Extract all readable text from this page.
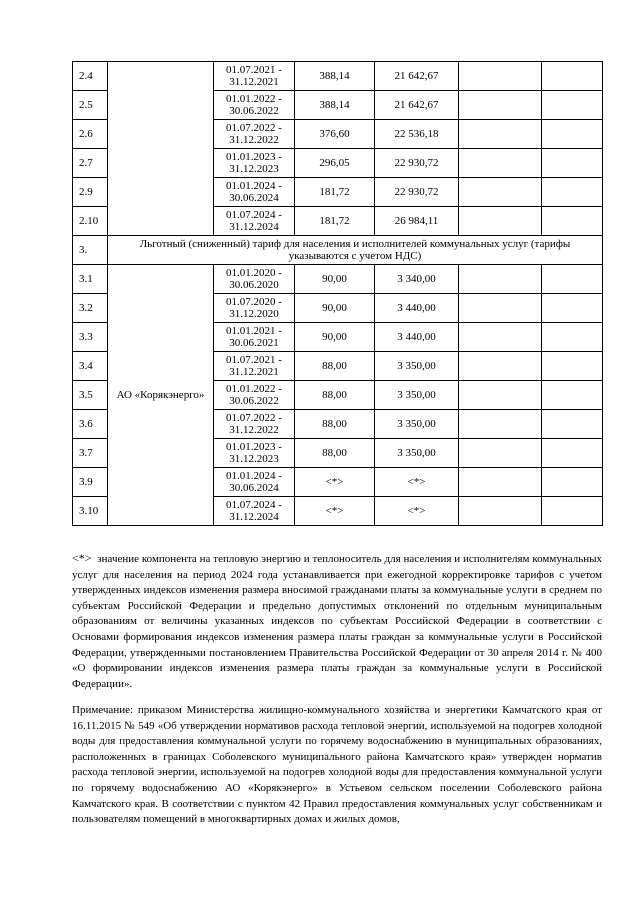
2.4		01.07.2021 - 31.12.2021	388,14	21 642,67		
2.5		01.01.2022 - 30.06.2022	388,14	21 642,67		
2.6		01.07.2022 - 31.12.2022	376,60	22 536,18		
2.7		01.01.2023 - 31.12.2023	296,05	22 930,72		
2.9		01.01.2024 - 30.06.2024	181,72	22 930,72		
2.10		01.07.2024 - 31.12.2024	181,72	26 984,11		
3.	Льготный (сниженный) тариф для населения и исполнителей коммунальных услуг (тарифы указываются с учетом НДС)					
3.1	АО «Корякэнерго»	01.01.2020 - 30.06.2020	90,00	3 340,00		
3.2		01.07.2020 - 31.12.2020	90,00	3 440,00		
3.3		01.01.2021 - 30.06.2021	90,00	3 440,00		
3.4		01.07.2021 - 31.12.2021	88,00	3 350,00		
3.5		01.01.2022 - 30.06.2022	88,00	3 350,00		
3.6		01.07.2022 - 31.12.2022	88,00	3 350,00		
3.7		01.01.2023 - 31.12.2023	88,00	3 350,00		
3.9		01.01.2024 - 30.06.2024	<*>	<*>		
3.10		01.07.2024 - 31.12.2024	<*>	<*>		

<*> значение компонента на тепловую энергию и теплоноситель для населения и исполнителям коммунальных услуг для населения на период 2024 года устанавливается при ежегодной корректировке тарифов с учетом утвержденных индексов изменения размера вносимой гражданами платы за коммунальные услуги в среднем по субъектам Российской Федерации и предельно допустимых отклонений по отдельным муниципальным образованиям от величины указанных индексов по субъектам Российской Федерации в соответствии с Основами формирования индексов изменения размера платы граждан за коммунальные услуги в Российской Федерации, утвержденными постановлением Правительства Российской Федерации от 30 апреля 2014 г. № 400 «О формировании индексов изменения размера платы граждан за коммунальные услуги в Российской Федерации».

Примечание: приказом Министерства жилищно-коммунального хозяйства и энергетики Камчатского края от 16.11.2015 № 549 «Об утверждении нормативов расхода тепловой энергии, используемой на подогрев холодной воды для предоставления коммунальной услуги по горячему водоснабжению в муниципальных образованиях, расположенных в границах Соболевского муниципального района Камчатского края» утвержден норматив расхода тепловой энергии, используемой на подогрев холодной воды для предоставления коммунальной услуги по горячему водоснабжению АО «Корякэнерго» в Устьевом сельском поселении Соболевского района Камчатского края. В соответствии с пунктом 42 Правил предоставления коммунальных услуг собственникам и пользователям помещений в многоквартирных домах и жилых домов,
